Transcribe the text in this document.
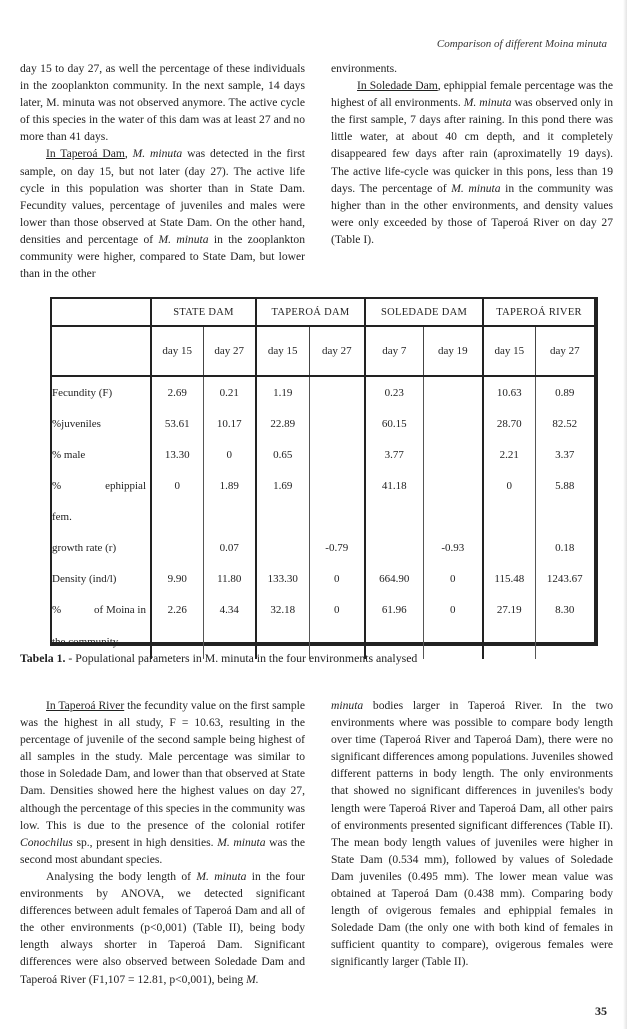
Comparison of different Moina minuta

day 15 to day 27, as well the percentage of these individuals in the zooplankton community. In the next sample, 14 days later, M. minuta was not observed anymore. The active cycle of this species in the water of this dam was at least 27 and no more than 41 days.

In Taperoá Dam, M. minuta was detected in the first sample, on day 15, but not later (day 27). The active life cycle in this population was shorter than in State Dam. Fecundity values, percentage of juveniles and males were lower than those observed at State Dam. On the other hand, densities and percentage of M. minuta in the zooplankton community were higher, compared to State Dam, but lower than in the other

environments.

In Soledade Dam, ephippial female percentage was the highest of all environments. M. minuta was observed only in the first sample, 7 days after raining. In this pond there was little water, at about 40 cm depth, and it completely disappeared few days after rain (aproximatelly 19 days). The active life-cycle was quicker in this pons, less than 19 days. The percentage of M. minuta in the community was higher than in the other environments, and density values were only exceeded by those of Taperoá River on day 27 (Table I).

	STATE DAM		TAPEROÁ DAM		SOLEDADE DAM		TAPEROÁ RIVER	
	day 15	day 27	day 15	day 27	day 7	day 19	day 15	day 27
Fecundity (F)	2.69	0.21	1.19		0.23		10.63	0.89
%juveniles	53.61	10.17	22.89		60.15		28.70	82.52
% male	13.30	0	0.65		3.77		2.21	3.37

% ephippial	0	1.89	1.69		41.18		0	5.88
fem.								
growth rate (r)		0.07		-0.79		-0.93		0.18
Density (ind/l)	9.90	11.80	133.30	0	664.90	0	115.48	1243.67

% of Moina in	2.26	4.34	32.18	0	61.96	0	27.19	8.30
the community								
Tabela 1. - Populational parameters in M. minuta in the four environments analysed

In Taperoá River the fecundity value on the first sample was the highest in all study, F = 10.63, resulting in the percentage of juvenile of the second sample being highest of all samples in the study. Male percentage was similar to those in Soledade Dam, and lower than that observed at State Dam. Densities showed here the highest values on day 27, although the percentage of this species in the community was low. This is due to the presence of the colonial rotifer Conochilus sp., present in high densities. M. minuta was the second most abundant species.

Analysing the body length of M. minuta in the four environments by ANOVA, we detected significant differences between adult females of Taperoá Dam and all of the other environments (p<0,001) (Table II), being body length always shorter in Taperoá Dam. Significant differences were also observed between Soledade Dam and Taperoá River (F1,107 = 12.81, p<0,001), being M.

minuta bodies larger in Taperoá River. In the two environments where was possible to compare body length over time (Taperoá River and Taperoá Dam), there were no significant differences among populations. Juveniles showed different patterns in body length. The only environments that showed no significant differences in juveniles's body length were Taperoá River and Taperoá Dam, all other pairs of environments presented significant differences (Table II). The mean body length values of juveniles were higher in State Dam (0.534 mm), followed by values of Soledade Dam juveniles (0.495 mm). The lower mean value was obtained at Taperoá Dam (0.438 mm). Comparing body length of ovigerous females and ephippial females in Soledade Dam (the only one with both kind of females in sufficient quantity to compare), ovigerous females were significantly larger (Table II).

35
